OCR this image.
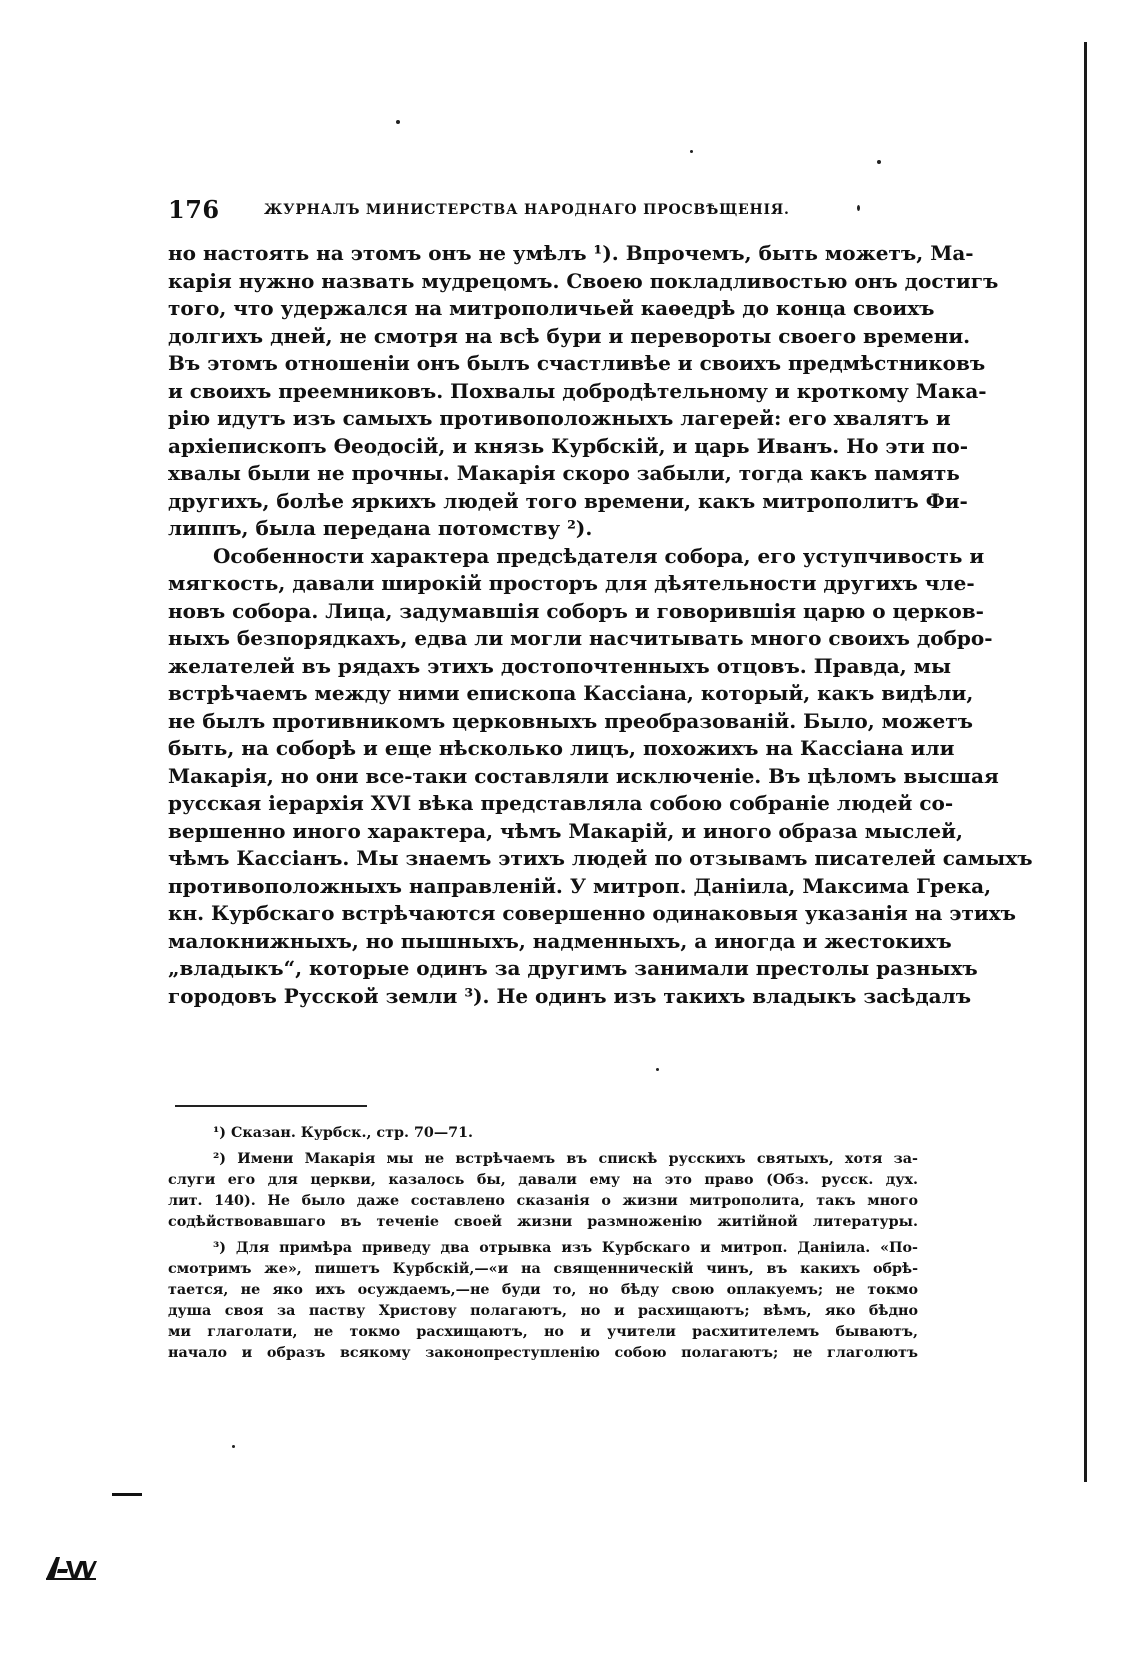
176	ЖУРНАЛЪ МИНИСТЕРСТВА НАРОДНАГО ПРОСВѢЩЕНІЯ.
но настоять на этомъ онъ не умѣлъ ¹). Впрочемъ, быть можетъ, Ма-
карія нужно назвать мудрецомъ. Своею покладливостью онъ достигъ
того, что удержался на митрополичьей каѳедрѣ до конца своихъ
долгихъ дней, не смотря на всѣ бури и перевороты своего времени.
Въ этомъ отношеніи онъ былъ счастливѣе и своихъ предмѣстниковъ
и своихъ преемниковъ. Похвалы добродѣтельному и кроткому Мака-
рію идутъ изъ самыхъ противоположныхъ лагерей: его хвалятъ и
архіепископъ Ѳеодосій, и князь Курбскій, и царь Иванъ. Но эти по-
хвалы были не прочны. Макарія скоро забыли, тогда какъ память
другихъ, болѣе яркихъ людей того времени, какъ митрополитъ Фи-
липпъ, была передана потомству ²).
Особенности характера предсѣдателя собора, его уступчивость и
мягкость, давали широкій просторъ для дѣятельности другихъ чле-
новъ собора. Лица, задумавшія соборъ и говорившія царю о церков-
ныхъ безпорядкахъ, едва ли могли насчитывать много своихъ добро-
желателей въ рядахъ этихъ достопочтенныхъ отцовъ. Правда, мы
встрѣчаемъ между ними епископа Кассіана, который, какъ видѣли,
не былъ противникомъ церковныхъ преобразованій. Было, можетъ
быть, на соборѣ и еще нѣсколько лицъ, похожихъ на Кассіана или
Макарія, но они все-таки составляли исключеніе. Въ цѣломъ высшая
русская іерархія XVI вѣка представляла собою собраніе людей со-
вершенно иного характера, чѣмъ Макарій, и иного образа мыслей,
чѣмъ Кассіанъ. Мы знаемъ этихъ людей по отзывамъ писателей самыхъ
противоположныхъ направленій. У митроп. Даніила, Максима Грека,
кн. Курбскаго встрѣчаются совершенно одинаковыя указанія на этихъ
малокнижныхъ, но пышныхъ, надменныхъ, а иногда и жестокихъ
„владыкъ“, которые одинъ за другимъ занимали престолы разныхъ
городовъ Русской земли ³). Не одинъ изъ такихъ владыкъ засѣдалъ
¹) Сказан. Курбск., стр. 70—71.
²) Имени Макарія мы не встрѣчаемъ въ спискѣ русскихъ святыхъ, хотя за-
слуги его для церкви, казалось бы, давали ему на это право (Обз. русск. дух.
лит. 140). Не было даже составлено сказанія о жизни митрополита, такъ много
содѣйствовавшаго въ теченіе своей жизни размноженію житійной литературы.
³) Для примѣра приведу два отрывка изъ Курбскаго и митроп. Даніила. «По-
смотримъ же», пишетъ Курбскій,—«и на священническій чинъ, въ какихъ обрѣ-
тается, не яко ихъ осуждаемъ,—не буди то, но бѣду свою оплакуемъ; не токмо
душа своя за паству Христову полагаютъ, но и расхищаютъ; вѣмъ, яко бѣдно
ми глаголати, не токмо расхищаютъ, но и учители расхитителемъ бываютъ,
начало и образъ всякому законопреступленію собою полагаютъ; не глаголютъ
